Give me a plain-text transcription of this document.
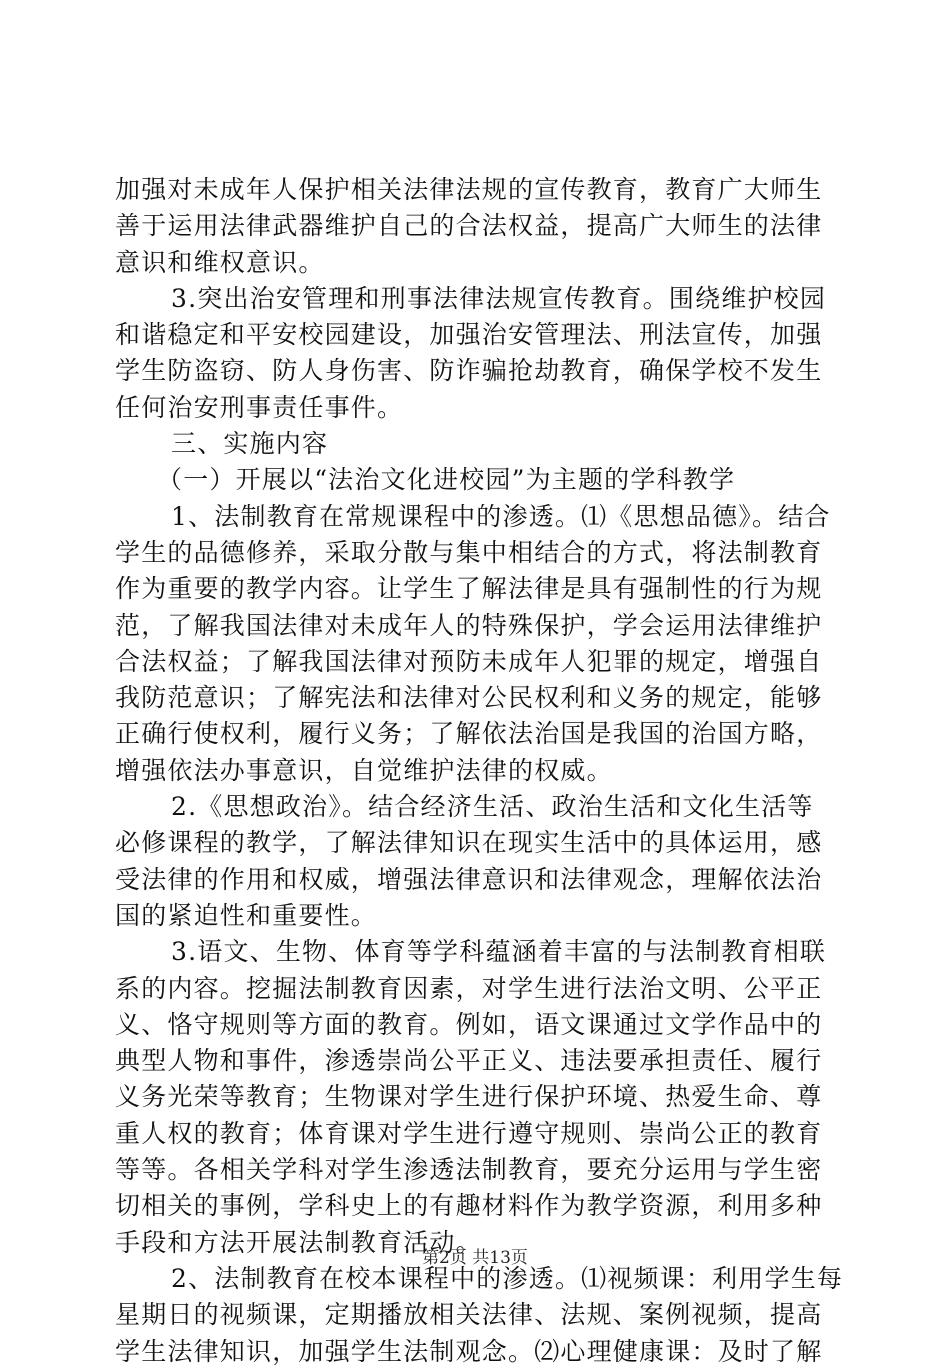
加强对未成年人保护相关法律法规的宣传教育，教育广大师生
善于运用法律武器维护自己的合法权益，提高广大师生的法律
意识和维权意识。
3.突出治安管理和刑事法律法规宣传教育。围绕维护校园
和谐稳定和平安校园建设，加强治安管理法、刑法宣传，加强
学生防盗窃、防人身伤害、防诈骗抢劫教育，确保学校不发生
任何治安刑事责任事件。
三、实施内容
（一）开展以“法治文化进校园”为主题的学科教学
1、法制教育在常规课程中的渗透。⑴《思想品德》。结合
学生的品德修养，采取分散与集中相结合的方式，将法制教育
作为重要的教学内容。让学生了解法律是具有强制性的行为规
范，了解我国法律对未成年人的特殊保护，学会运用法律维护
合法权益；了解我国法律对预防未成年人犯罪的规定，增强自
我防范意识；了解宪法和法律对公民权利和义务的规定，能够
正确行使权利，履行义务；了解依法治国是我国的治国方略，
增强依法办事意识，自觉维护法律的权威。
2.《思想政治》。结合经济生活、政治生活和文化生活等
必修课程的教学，了解法律知识在现实生活中的具体运用，感
受法律的作用和权威，增强法律意识和法律观念，理解依法治
国的紧迫性和重要性。
3.语文、生物、体育等学科蕴涵着丰富的与法制教育相联
系的内容。挖掘法制教育因素，对学生进行法治文明、公平正
义、恪守规则等方面的教育。例如，语文课通过文学作品中的
典型人物和事件，渗透崇尚公平正义、违法要承担责任、履行
义务光荣等教育；生物课对学生进行保护环境、热爱生命、尊
重人权的教育；体育课对学生进行遵守规则、崇尚公正的教育
等等。各相关学科对学生渗透法制教育，要充分运用与学生密
切相关的事例，学科史上的有趣材料作为教学资源，利用多种
手段和方法开展法制教育活动。
2、法制教育在校本课程中的渗透。⑴视频课：利用学生每
星期日的视频课，定期播放相关法律、法规、案例视频，提高
学生法律知识，加强学生法制观念。⑵心理健康课：及时了解
第2页 共13页
